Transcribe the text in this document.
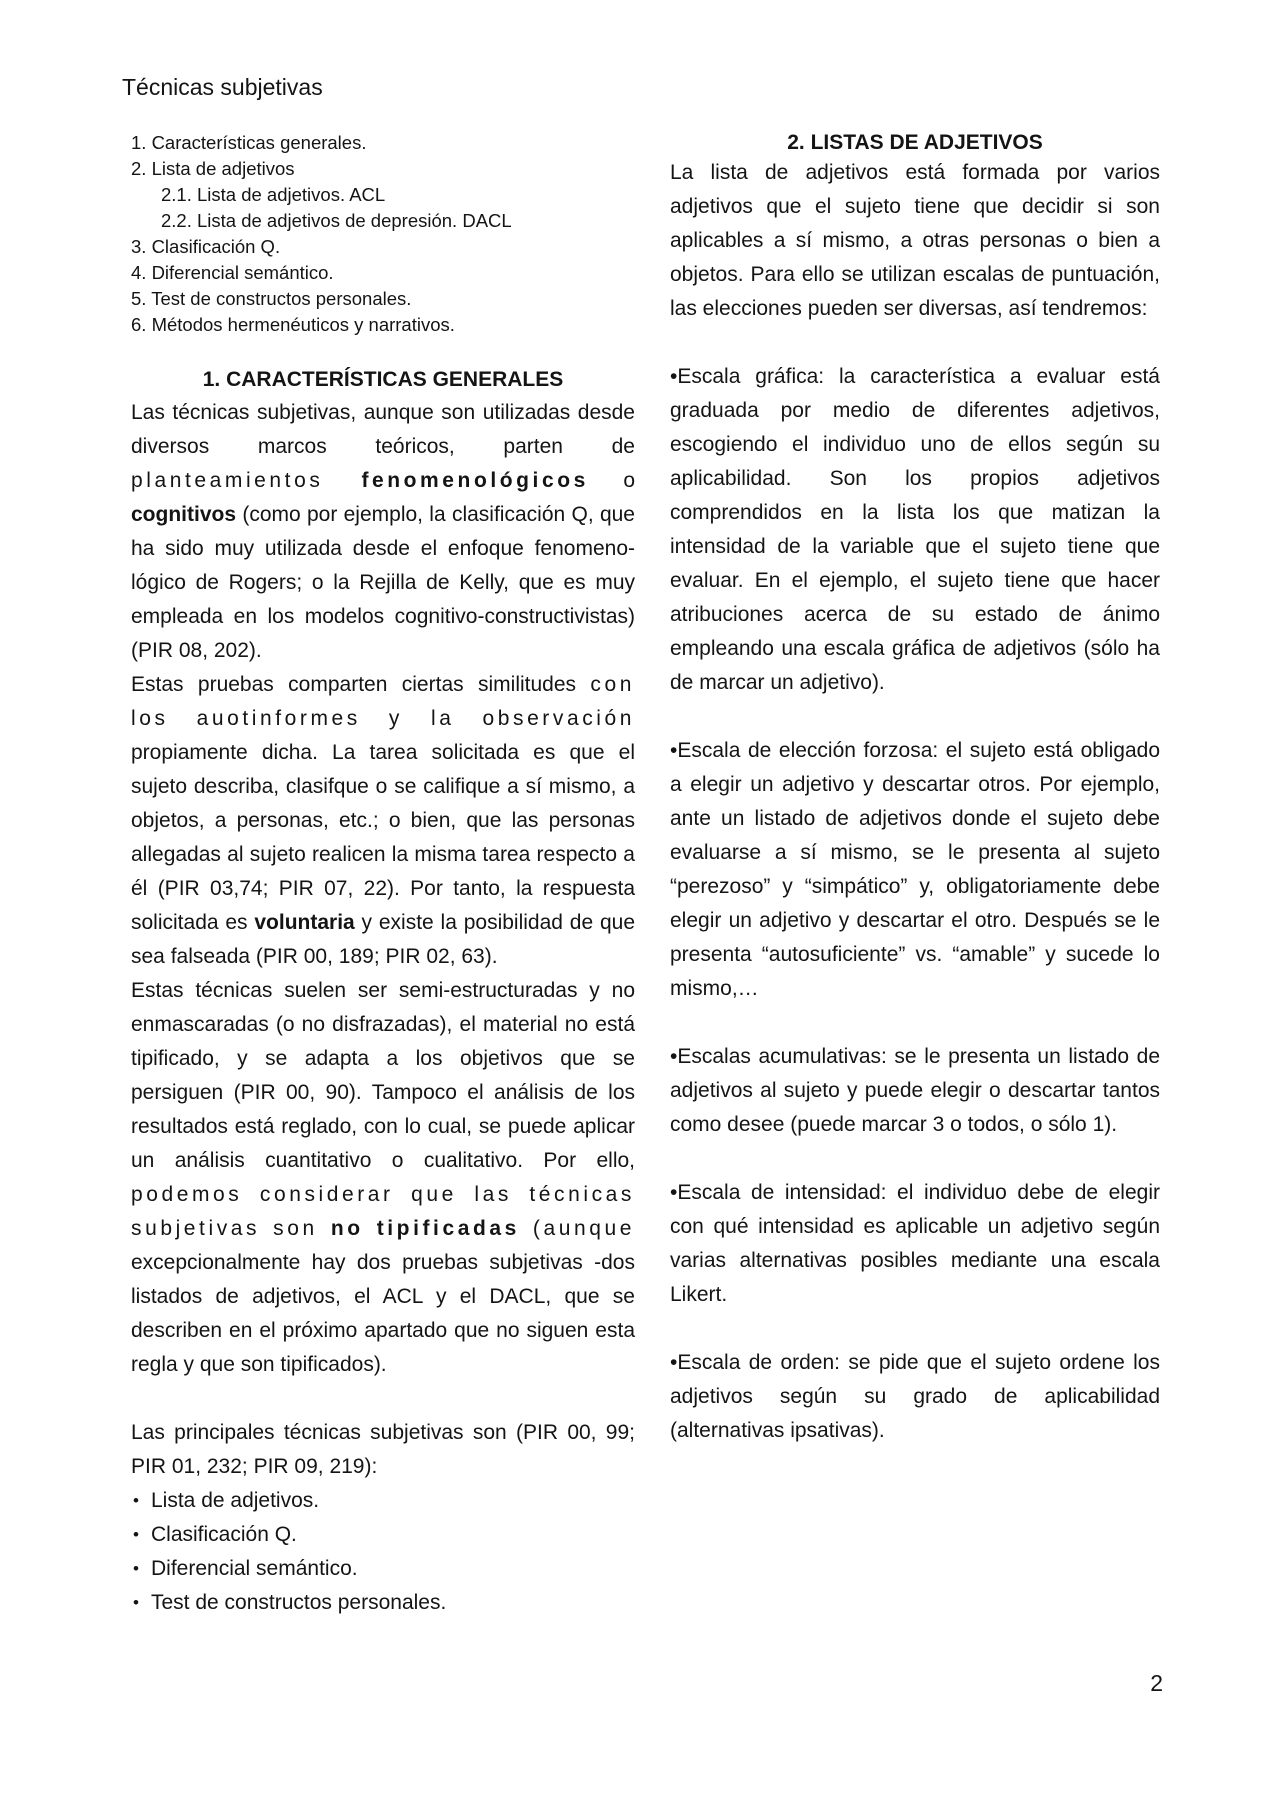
Técnicas subjetivas
1. Características generales.
2. Lista de adjetivos
2.1. Lista de adjetivos. ACL
2.2. Lista de adjetivos de depresión. DACL
3. Clasificación Q.
4. Diferencial semántico.
5. Test de constructos personales.
6. Métodos hermenéuticos y narrativos.
1. CARACTERÍSTICAS GENERALES

Las técnicas subjetivas, aunque son utilizadas desde diversos marcos teóricos, parten de planteamientos fenomenológicos o cognitivos (como por ejemplo, la clasificación Q, que ha sido muy utilizada desde el enfoque fenomeno-lógico de Rogers; o la Rejilla de Kelly, que es muy empleada en los modelos cognitivo-constructivistas)(PIR 08, 202).

Estas pruebas comparten ciertas similitudes con los auotinformes y la observación propiamente dicha. La tarea solicitada es que el sujeto describa, clasifque o se califique a sí mismo, a objetos, a personas, etc.; o bien, que las personas allegadas al sujeto realicen la misma tarea respecto a él (PIR 03,74; PIR 07, 22). Por tanto, la respuesta solicitada es voluntaria y existe la posibilidad de que sea falseada (PIR 00, 189; PIR 02, 63).

Estas técnicas suelen ser semi-estructuradas y no enmascaradas (o no disfrazadas), el material no está tipificado, y se adapta a los objetivos que se persiguen (PIR 00, 90). Tampoco el análisis de los resultados está reglado, con lo cual, se puede aplicar un análisis cuantitativo o cualitativo. Por ello, podemos considerar que las técnicas subjetivas son no tipificadas (aunque excepcionalmente hay dos pruebas subjetivas -dos listados de adjetivos, el ACL y el DACL, que se describen en el próximo apartado que no siguen esta regla y que son tipificados).

Las principales técnicas subjetivas son (PIR 00, 99; PIR 01, 232; PIR 09, 219):

• Lista de adjetivos.
• Clasificación Q.
• Diferencial semántico.
• Test de constructos personales.
2. LISTAS DE ADJETIVOS

La lista de adjetivos está formada por varios adjetivos que el sujeto tiene que decidir si son aplicables a sí mismo, a otras personas o bien a objetos. Para ello se utilizan escalas de puntuación, las elecciones pueden ser diversas, así tendremos:

•Escala gráfica: la característica a evaluar está graduada por medio de diferentes adjetivos, escogiendo el individuo uno de ellos según su aplicabilidad. Son los propios adjetivos comprendidos en la lista los que matizan la intensidad de la variable que el sujeto tiene que evaluar. En el ejemplo, el sujeto tiene que hacer atribuciones acerca de su estado de ánimo empleando una escala gráfica de adjetivos (sólo ha de marcar un adjetivo).

•Escala de elección forzosa: el sujeto está obligado a elegir un adjetivo y descartar otros. Por ejemplo, ante un listado de adjetivos donde el sujeto debe evaluarse a sí mismo, se le presenta al sujeto “perezoso” y “simpático” y, obligatoriamente debe elegir un adjetivo y descartar el otro. Después se le presenta “autosuficiente” vs. “amable” y sucede lo mismo,…

•Escalas acumulativas: se le presenta un listado de adjetivos al sujeto y puede elegir o descartar tantos como desee (puede marcar 3 o todos, o sólo 1).

•Escala de intensidad: el individuo debe de elegir con qué intensidad es aplicable un adjetivo según varias alternativas posibles mediante una escala Likert.

•Escala de orden: se pide que el sujeto ordene los adjetivos según su grado de aplicabilidad (alternativas ipsativas).

2
